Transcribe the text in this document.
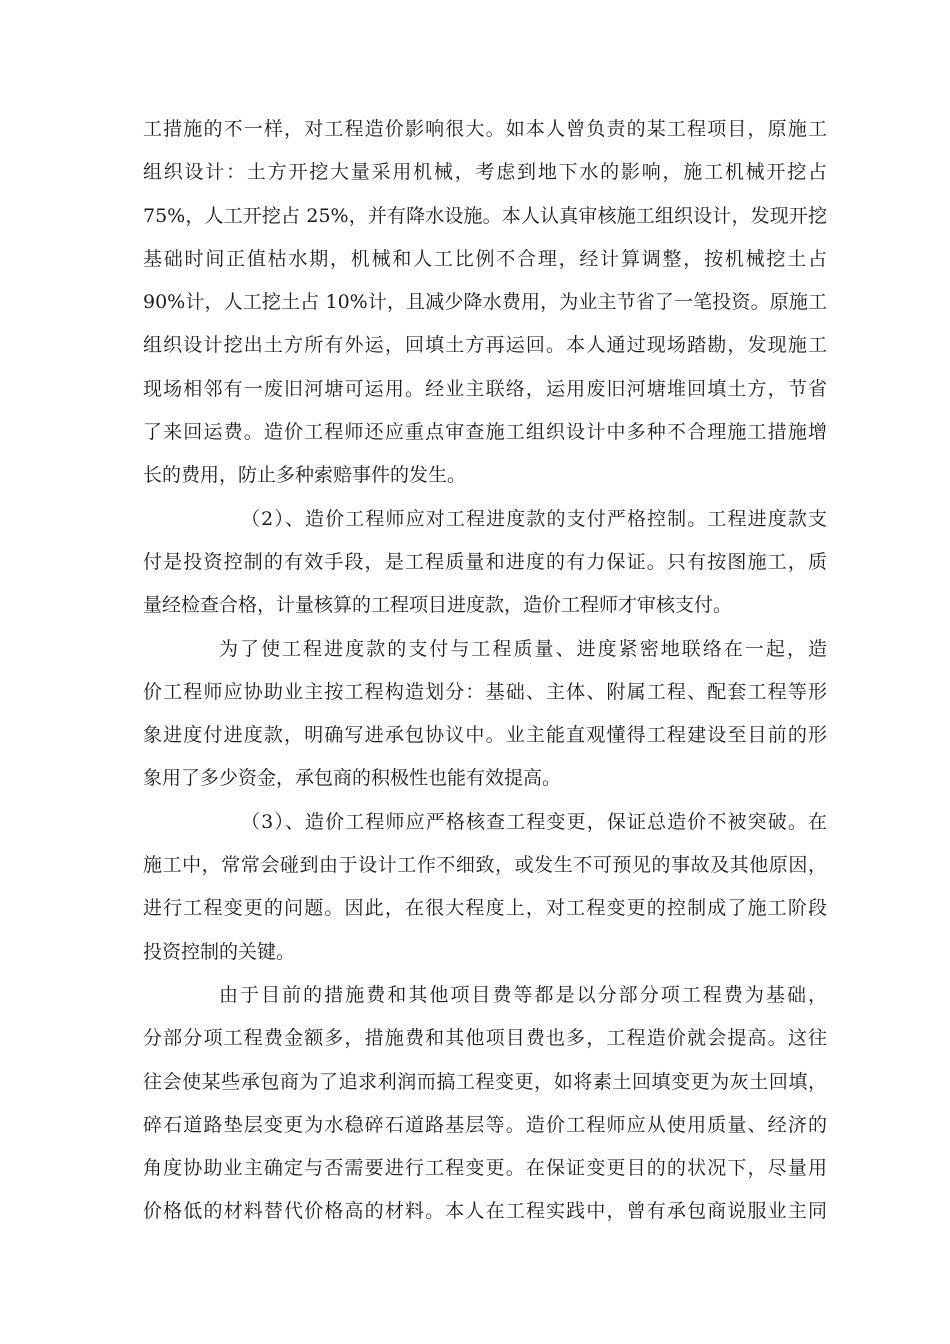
工措施的不一样，对工程造价影响很大。如本人曾负责的某工程项目，原施工
组织设计：土方开挖大量采用机械，考虑到地下水的影响，施工机械开挖占
75%，人工开挖占 25%，并有降水设施。本人认真审核施工组织设计，发现开挖
基础时间正值枯水期，机械和人工比例不合理，经计算调整，按机械挖土占
90%计，人工挖土占 10%计，且减少降水费用，为业主节省了一笔投资。原施工
组织设计挖出土方所有外运，回填土方再运回。本人通过现场踏勘，发现施工
现场相邻有一废旧河塘可运用。经业主联络，运用废旧河塘堆回填土方，节省
了来回运费。造价工程师还应重点审查施工组织设计中多种不合理施工措施增
长的费用，防止多种索赔事件的发生。
（2）、造价工程师应对工程进度款的支付严格控制。工程进度款支
付是投资控制的有效手段，是工程质量和进度的有力保证。只有按图施工，质
量经检查合格，计量核算的工程项目进度款，造价工程师才审核支付。
为了使工程进度款的支付与工程质量、进度紧密地联络在一起，造
价工程师应协助业主按工程构造划分：基础、主体、附属工程、配套工程等形
象进度付进度款，明确写进承包协议中。业主能直观懂得工程建设至目前的形
象用了多少资金，承包商的积极性也能有效提高。
（3）、造价工程师应严格核查工程变更，保证总造价不被突破。在
施工中，常常会碰到由于设计工作不细致，或发生不可预见的事故及其他原因，
进行工程变更的问题。因此，在很大程度上，对工程变更的控制成了施工阶段
投资控制的关键。
由于目前的措施费和其他项目费等都是以分部分项工程费为基础，
分部分项工程费金额多，措施费和其他项目费也多，工程造价就会提高。这往
往会使某些承包商为了追求利润而搞工程变更，如将素土回填变更为灰土回填，
碎石道路垫层变更为水稳碎石道路基层等。造价工程师应从使用质量、经济的
角度协助业主确定与否需要进行工程变更。在保证变更目的的状况下，尽量用
价格低的材料替代价格高的材料。本人在工程实践中，曾有承包商说服业主同
